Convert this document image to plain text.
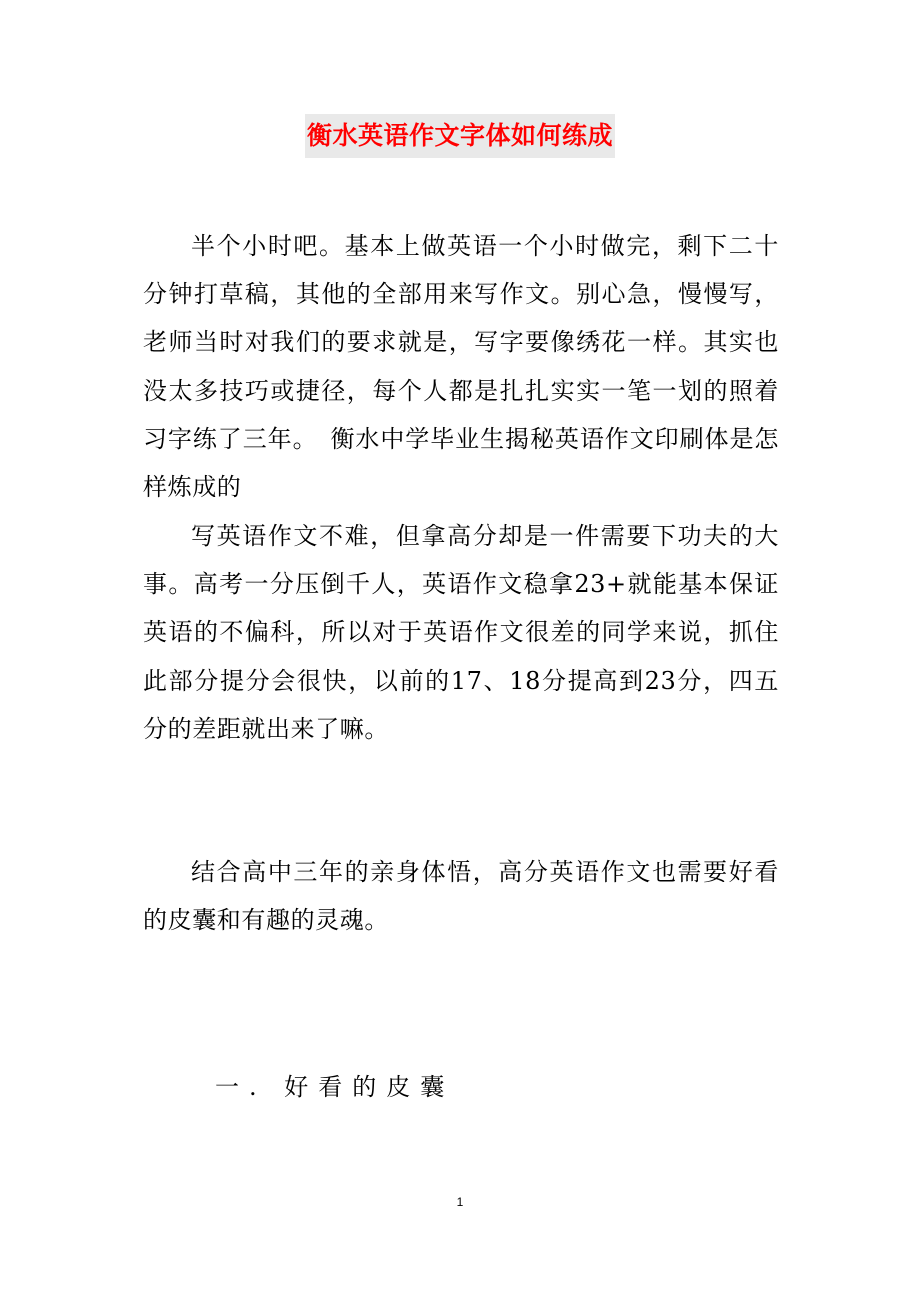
衡水英语作文字体如何练成

半个小时吧。基本上做英语一个小时做完，剩下二十分钟打草稿，其他的全部用来写作文。别心急，慢慢写，老师当时对我们的要求就是，写字要像绣花一样。其实也没太多技巧或捷径，每个人都是扎扎实实一笔一划的照着习字练了三年。　衡水中学毕业生揭秘英语作文印刷体是怎样炼成的

写英语作文不难，但拿高分却是一件需要下功夫的大事。高考一分压倒千人，英语作文稳拿23+就能基本保证英语的不偏科，所以对于英语作文很差的同学来说，抓住此部分提分会很快，以前的17、18分提高到23分，四五分的差距就出来了嘛。

结合高中三年的亲身体悟，高分英语作文也需要好看的皮囊和有趣的灵魂。

一. 好看的皮囊

1
